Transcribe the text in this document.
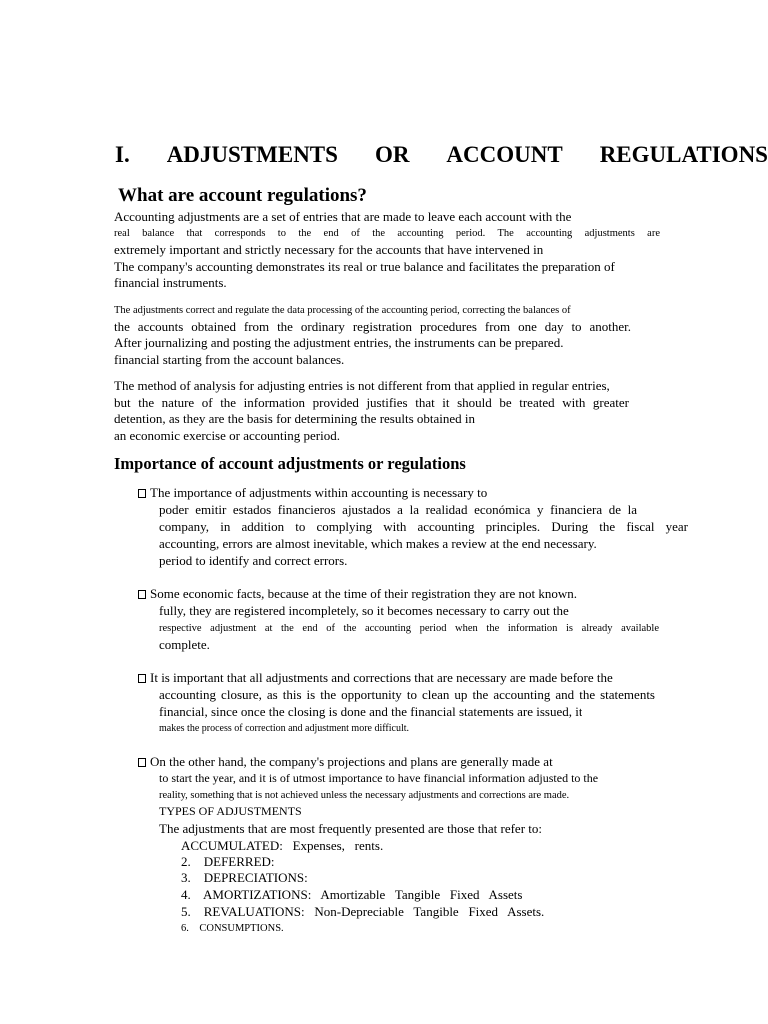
I. ADJUSTMENTS OR ACCOUNT REGULATIONS
What are account regulations?
Accounting adjustments are a set of entries that are made to leave each account with the
real balance that corresponds to the end of the accounting period. The accounting adjustments are
extremely important and strictly necessary for the accounts that have intervened in
The company's accounting demonstrates its real or true balance and facilitates the preparation of
financial instruments.
The adjustments correct and regulate the data processing of the accounting period, correcting the balances of
the accounts obtained from the ordinary registration procedures from one day to another.
After journalizing and posting the adjustment entries, the instruments can be prepared.
financial starting from the account balances.
The method of analysis for adjusting entries is not different from that applied in regular entries,
but the nature of the information provided justifies that it should be treated with greater
detention, as they are the basis for determining the results obtained in
an economic exercise or accounting period.
Importance of account adjustments or regulations
The importance of adjustments within accounting is necessary to
poder emitir estados financieros ajustados a la realidad económica y financiera de la
company, in addition to complying with accounting principles. During the fiscal year
accounting, errors are almost inevitable, which makes a review at the end necessary.
period to identify and correct errors.
Some economic facts, because at the time of their registration they are not known.
fully, they are registered incompletely, so it becomes necessary to carry out the
respective adjustment at the end of the accounting period when the information is already available
complete.
It is important that all adjustments and corrections that are necessary are made before the
accounting closure, as this is the opportunity to clean up the accounting and the statements
financial, since once the closing is done and the financial statements are issued, it
makes the process of correction and adjustment more difficult.
On the other hand, the company's projections and plans are generally made at
to start the year, and it is of utmost importance to have financial information adjusted to the
reality, something that is not achieved unless the necessary adjustments and corrections are made.
TYPES OF ADJUSTMENTS
The adjustments that are most frequently presented are those that refer to:
ACCUMULATED:   Expenses,   rents.
2.    DEFERRED:
3.    DEPRECIATIONS:
4.    AMORTIZATIONS:   Amortizable   Tangible   Fixed   Assets
5.    REVALUATIONS:   Non-Depreciable   Tangible   Fixed   Assets.
6.    CONSUMPTIONS.
